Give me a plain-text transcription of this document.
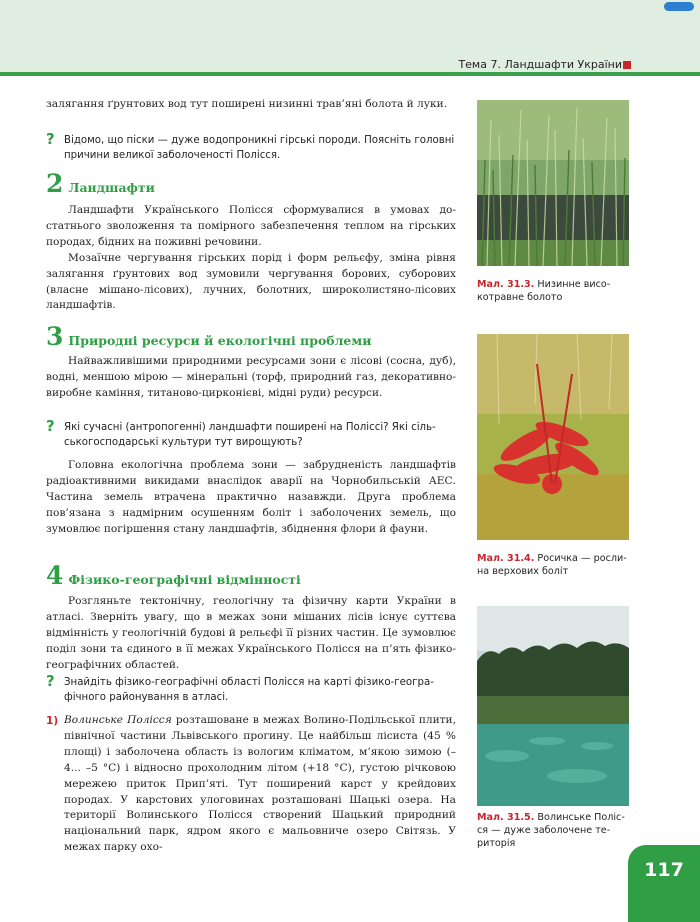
Тема 7. Ландшафти України

залягання ґрунтових вод тут поширені низинні трав’яні болота й луки.

? Відомо, що піски — дуже водопроникні гірські породи. Поясніть головні причини великої заболоченості Полісся.
2 Ландшафти

Ландшафти Українського Полісся сформувалися в умовах достатнього зволоження та помірного забезпечення теплом на гірських породах, бідних на поживні речовини.

Мозаїчне чергування гірських порід і форм рельєфу, зміна рівня залягання ґрунтових вод зумовили чергування борових, суборових (власне мішано-лісових), лучних, болотних, широколистяно-лісових ландшафтів.

3 Природні ресурси й екологічні проблеми

Найважливішими природними ресурсами зони є лісові (сосна, дуб), водні, меншою мірою — мінеральні (торф, природний газ, декоративно-виробне каміння, титаново-цирконієві, мідні руди) ресурси.

? Які сучасні (антропогенні) ландшафти поширені на Поліссі? Які сільськогосподарські культури тут вирощують?

Головна екологічна проблема зони — забрудненість ландшафтів радіоактивними викидами внаслідок аварії на Чорнобильській АЕС. Частина земель втрачена практично назавжди. Друга проблема пов’язана з надмірним осушенням боліт і заболочених земель, що зумовлює погіршення стану ландшафтів, збіднення флори й фауни.

4 Фізико-географічні відмінності

Розгляньте тектонічну, геологічну та фізичну карти України в атласі. Зверніть увагу, що в межах зони мішаних лісів існує суттєва відмінність у геологічній будові й рельєфі її різних частин. Це зумовлює поділ зони та єдиного в її межах Українського Полісся на п’ять фізико-географічних областей.

? Знайдіть фізико-географічні області Полісся на карті фізико-географічного районування в атласі.
1) Волинське Полісся розташоване в межах Волино-Подільської плити, північної частини Львівського прогину. Це найбільш лісиста (45 % площі) і заболочена область із вологим кліматом, м’якою зимою (–4... –5 °С) і відносно прохолодним літом (+18 °С), густою річковою мережею приток Прип’яті. Тут поширений карст у крейдових породах. У карстових улоговинах розташовані Шацькі озера. На території Волинського Полісся створений Шацький природний національний парк, ядром якого є мальовниче озеро Світязь. У межах парку охо-

Мал. 31.3. Низинне високотравне болото
Мал. 31.4. Росичка — рослина верхових боліт
Мал. 31.5. Волинське Полісся — дуже заболочене територія
117
